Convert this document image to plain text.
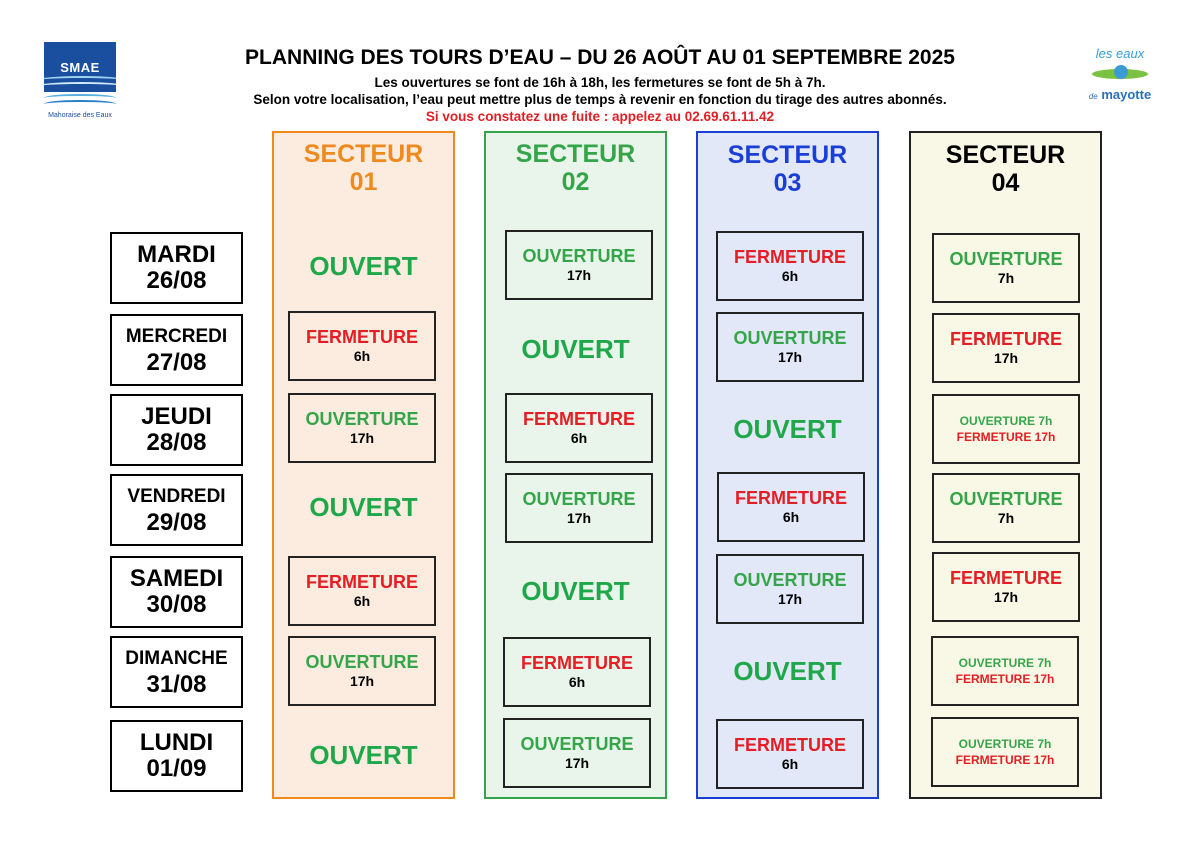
SMAE
Mahoraise des Eaux
les eaux
de mayotte
PLANNING DES TOURS D’EAU – DU 26 AOÛT AU 01 SEPTEMBRE 2025
Les ouvertures se font de 16h à 18h, les fermetures se font de 5h à 7h.
Selon votre localisation, l’eau peut mettre plus de temps à revenir en fonction du tirage des autres abonnés.
Si vous constatez une fuite : appelez au 02.69.61.11.42
SECTEUR
01
SECTEUR
02
SECTEUR
03
SECTEUR
04
MARDI
26/08
MERCREDI
27/08
JEUDI
28/08
VENDREDI
29/08
SAMEDI
30/08
DIMANCHE
31/08
LUNDI
01/09
OUVERT
FERMETURE
6h
OUVERTURE
17h
OUVERT
FERMETURE
6h
OUVERTURE
17h
OUVERT
OUVERTURE
17h
OUVERT
FERMETURE
6h
OUVERTURE
17h
OUVERT
FERMETURE
6h
OUVERTURE
17h
FERMETURE
6h
OUVERTURE
17h
OUVERT
FERMETURE
6h
OUVERTURE
17h
OUVERT
FERMETURE
6h
OUVERTURE
7h
FERMETURE
17h
OUVERTURE 7h
FERMETURE 17h
OUVERTURE
7h
FERMETURE
17h
OUVERTURE 7h
FERMETURE 17h
OUVERTURE 7h
FERMETURE 17h
